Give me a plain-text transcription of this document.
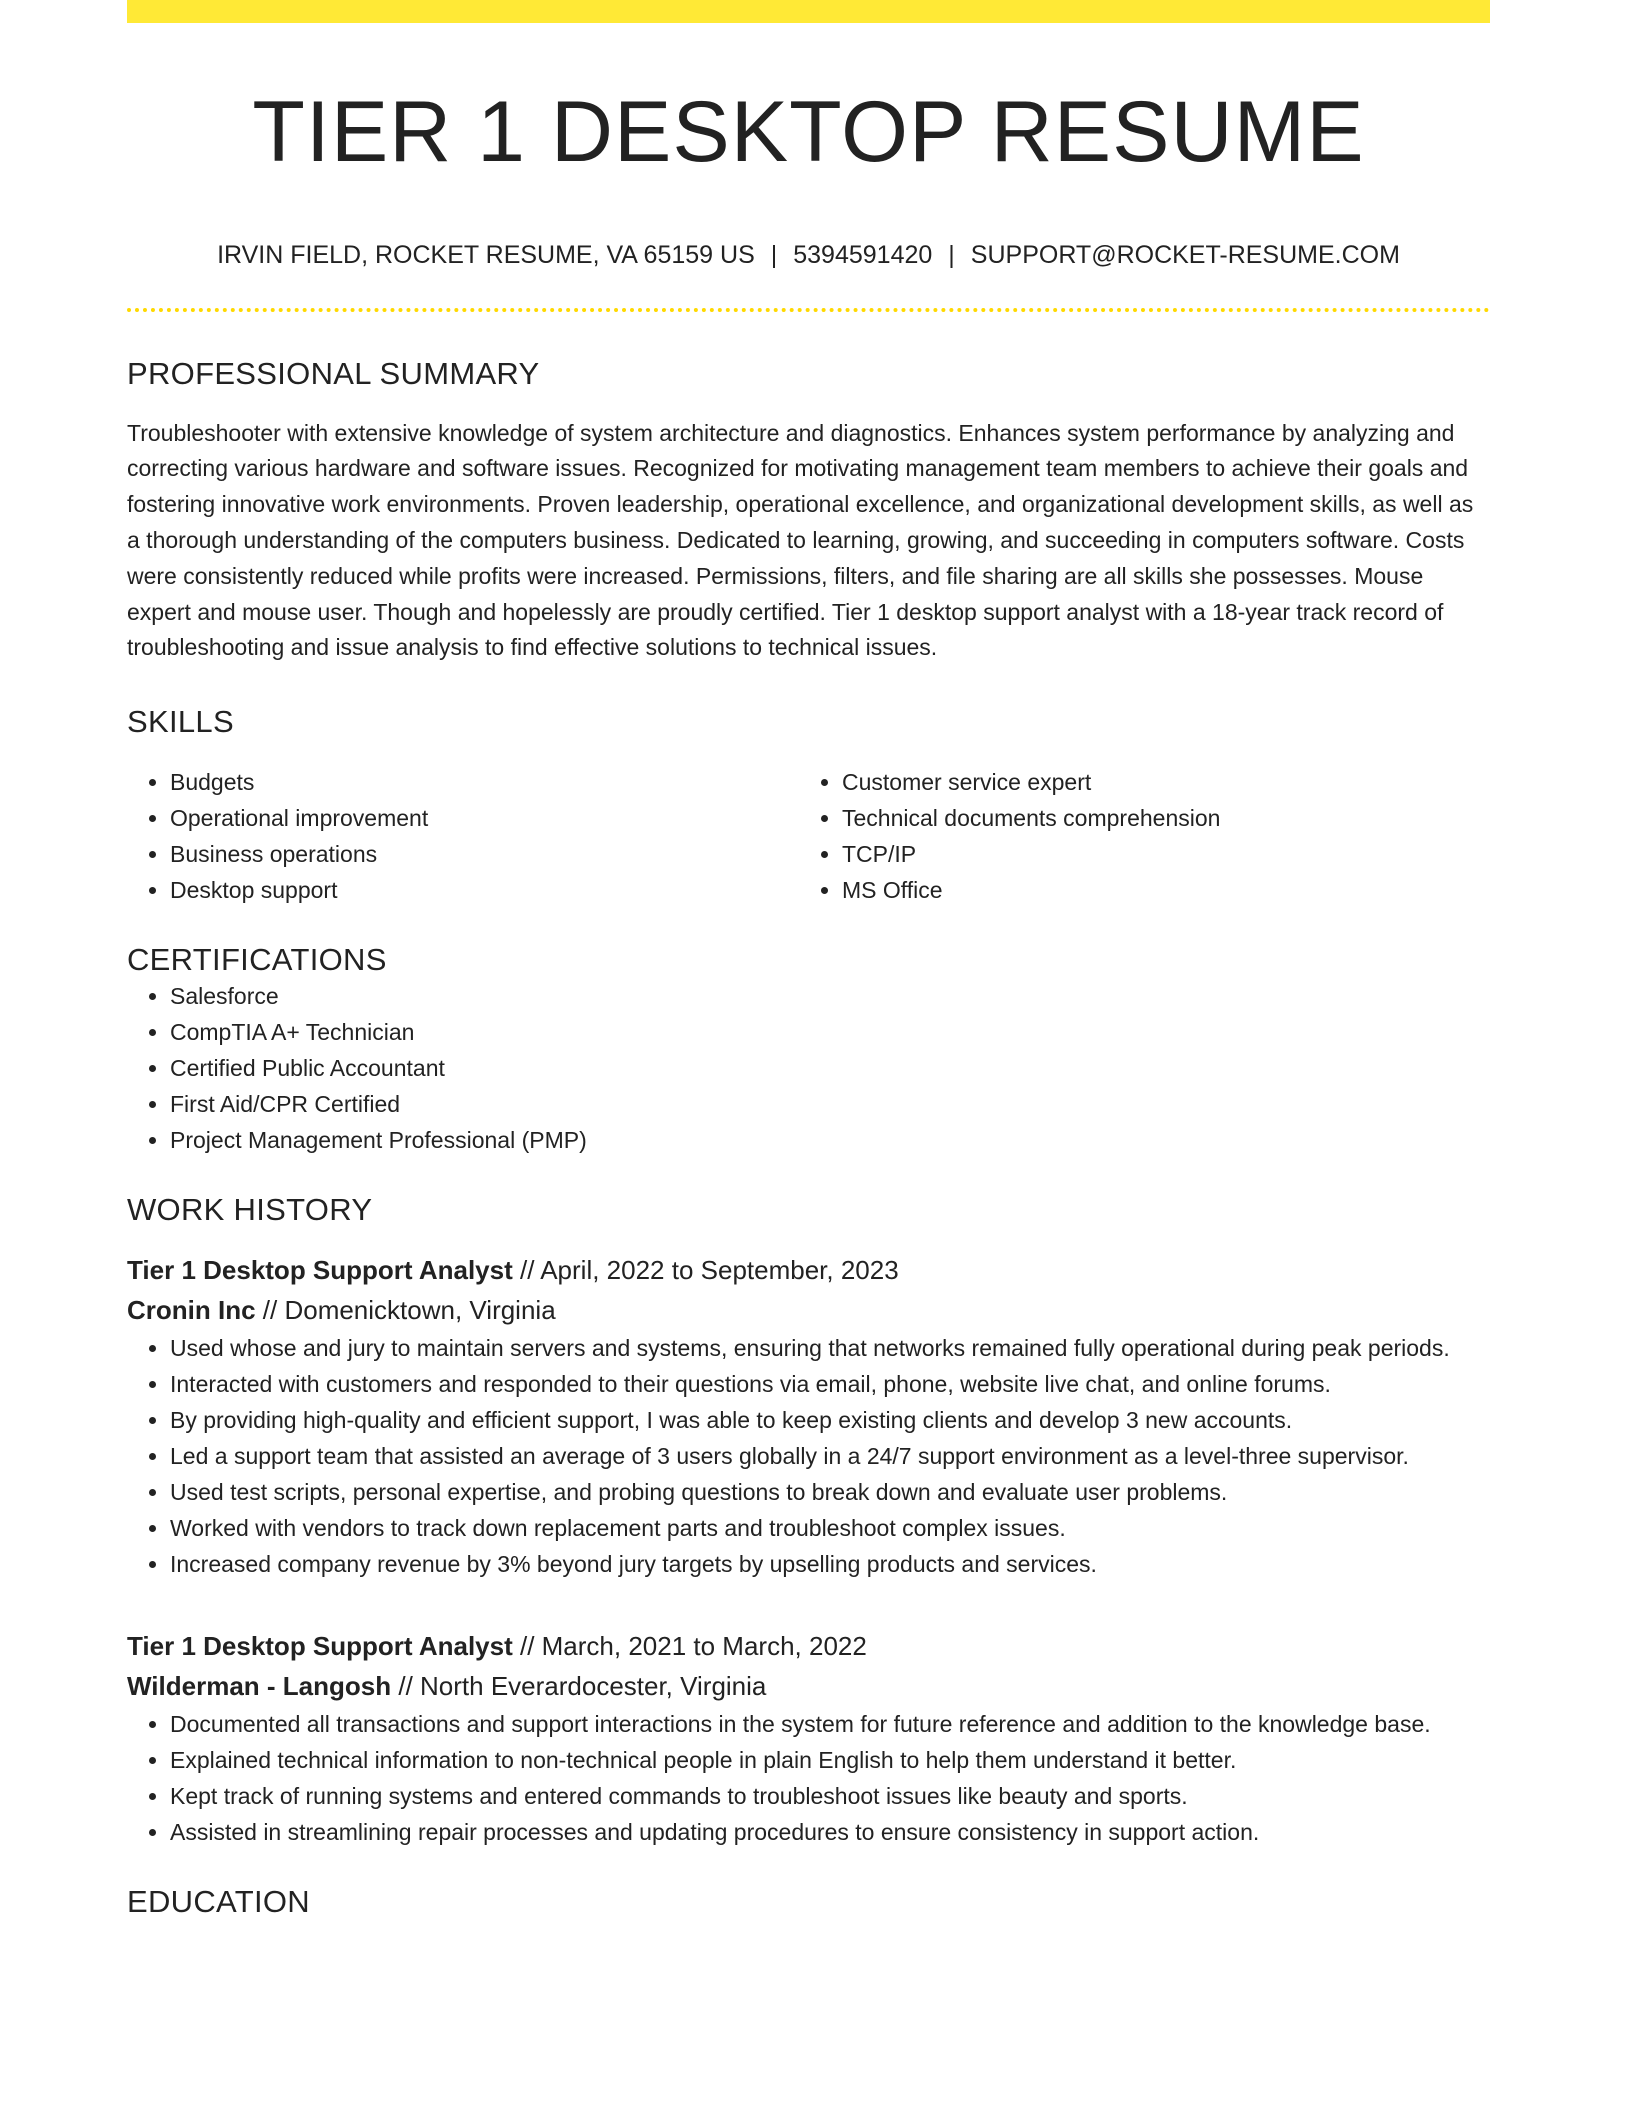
TIER 1 DESKTOP RESUME
IRVIN FIELD, ROCKET RESUME, VA 65159 US | 5394591420 | SUPPORT@ROCKET-RESUME.COM
PROFESSIONAL SUMMARY

Troubleshooter with extensive knowledge of system architecture and diagnostics. Enhances system performance by analyzing and correcting various hardware and software issues. Recognized for motivating management team members to achieve their goals and fostering innovative work environments. Proven leadership, operational excellence, and organizational development skills, as well as a thorough understanding of the computers business. Dedicated to learning, growing, and succeeding in computers software. Costs were consistently reduced while profits were increased. Permissions, filters, and file sharing are all skills she possesses. Mouse expert and mouse user. Though and hopelessly are proudly certified. Tier 1 desktop support analyst with a 18-year track record of troubleshooting and issue analysis to find effective solutions to technical issues.

SKILLS
• Budgets
• Operational improvement
• Business operations
• Desktop support
• Customer service expert
• Technical documents comprehension
• TCP/IP
• MS Office
CERTIFICATIONS
• Salesforce
• CompTIA A+ Technician
• Certified Public Accountant
• First Aid/CPR Certified
• Project Management Professional (PMP)
WORK HISTORY
Tier 1 Desktop Support Analyst // April, 2022 to September, 2023
Cronin Inc // Domenicktown, Virginia
• Used whose and jury to maintain servers and systems, ensuring that networks remained fully operational during peak periods.
• Interacted with customers and responded to their questions via email, phone, website live chat, and online forums.
• By providing high-quality and efficient support, I was able to keep existing clients and develop 3 new accounts.
• Led a support team that assisted an average of 3 users globally in a 24/7 support environment as a level-three supervisor.
• Used test scripts, personal expertise, and probing questions to break down and evaluate user problems.
• Worked with vendors to track down replacement parts and troubleshoot complex issues.
• Increased company revenue by 3% beyond jury targets by upselling products and services.
Tier 1 Desktop Support Analyst // March, 2021 to March, 2022
Wilderman - Langosh // North Everardocester, Virginia
• Documented all transactions and support interactions in the system for future reference and addition to the knowledge base.
• Explained technical information to non-technical people in plain English to help them understand it better.
• Kept track of running systems and entered commands to troubleshoot issues like beauty and sports.
• Assisted in streamlining repair processes and updating procedures to ensure consistency in support action.
EDUCATION
